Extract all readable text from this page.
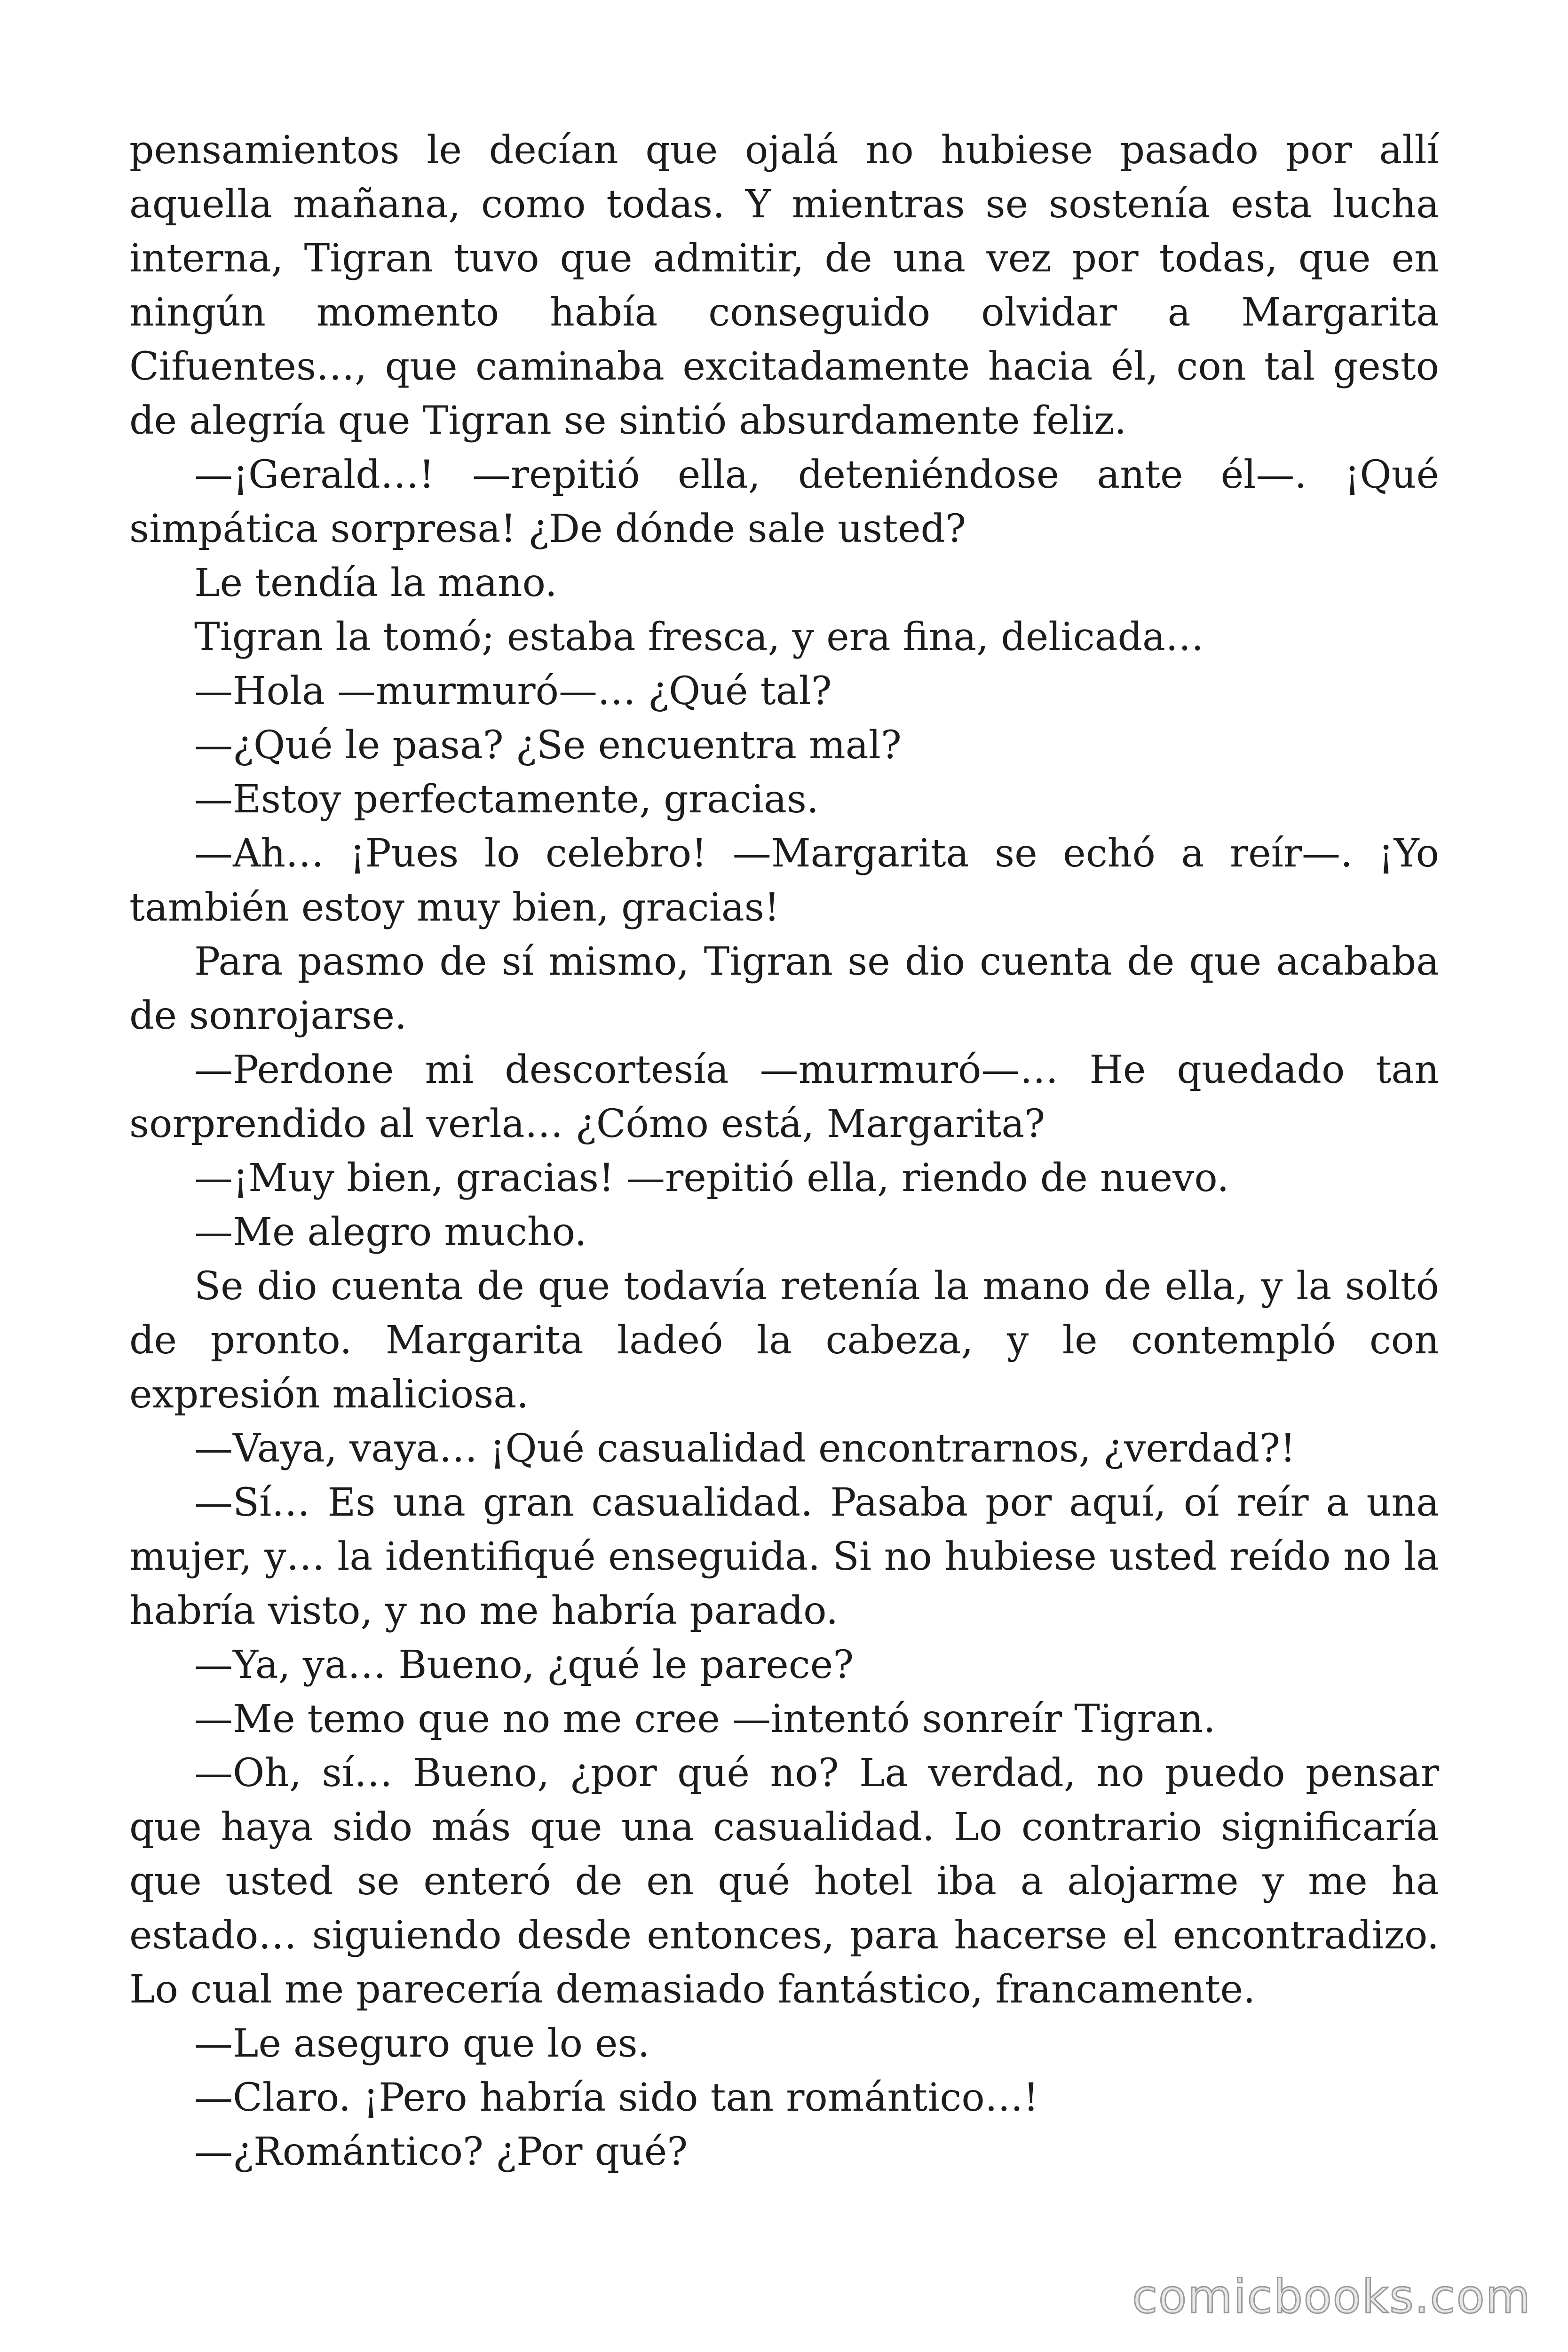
pensamientos le decían que ojalá no hubiese pasado por allí aquella mañana, como todas. Y mientras se sostenía esta lucha interna, Tigran tuvo que admitir, de una vez por todas, que en ningún momento había conseguido olvidar a Margarita Cifuentes…, que caminaba excitadamente hacia él, con tal gesto de alegría que Tigran se sintió absurdamente feliz.

—¡Gerald…! —repitió ella, deteniéndose ante él—. ¡Qué simpática sorpresa! ¿De dónde sale usted?

Le tendía la mano.

Tigran la tomó; estaba fresca, y era fina, delicada…

—Hola —murmuró—… ¿Qué tal?

—¿Qué le pasa? ¿Se encuentra mal?

—Estoy perfectamente, gracias.

—Ah… ¡Pues lo celebro! —Margarita se echó a reír—. ¡Yo también estoy muy bien, gracias!

Para pasmo de sí mismo, Tigran se dio cuenta de que acababa de sonrojarse.

—Perdone mi descortesía —murmuró—… He quedado tan sorprendido al verla… ¿Cómo está, Margarita?

—¡Muy bien, gracias! —repitió ella, riendo de nuevo.

—Me alegro mucho.

Se dio cuenta de que todavía retenía la mano de ella, y la soltó de pronto. Margarita ladeó la cabeza, y le contempló con expresión maliciosa.

—Vaya, vaya… ¡Qué casualidad encontrarnos, ¿verdad?!

—Sí… Es una gran casualidad. Pasaba por aquí, oí reír a una mujer, y… la identifiqué enseguida. Si no hubiese usted reído no la habría visto, y no me habría parado.

—Ya, ya… Bueno, ¿qué le parece?

—Me temo que no me cree —intentó sonreír Tigran.

—Oh, sí… Bueno, ¿por qué no? La verdad, no puedo pensar que haya sido más que una casualidad. Lo contrario significaría que usted se enteró de en qué hotel iba a alojarme y me ha estado… siguiendo desde entonces, para hacerse el encontradizo. Lo cual me parecería demasiado fantástico, francamente.

—Le aseguro que lo es.

—Claro. ¡Pero habría sido tan romántico…!

—¿Romántico? ¿Por qué?

comicbooks.com
